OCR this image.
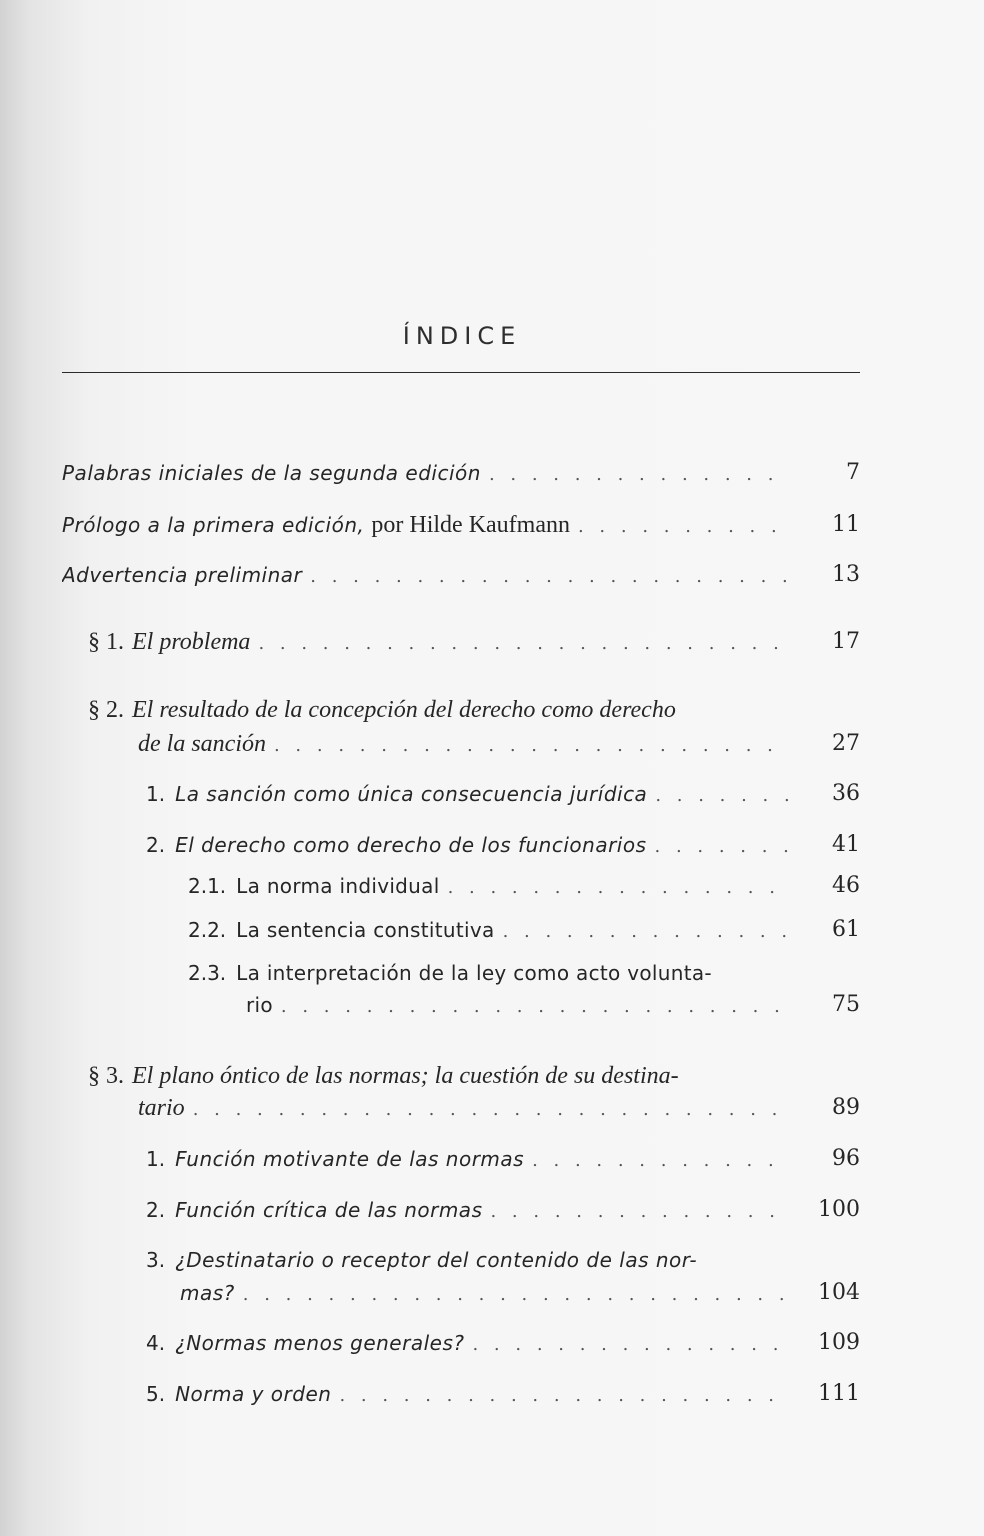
ÍNDICE
Palabras iniciales de la segunda edición . . .	7
Prólogo a la primera edición, por Hilde Kaufmann . . .	11
Advertencia preliminar . . .	13
§ 1. El problema . . .	17
§ 2. El resultado de la concepción del derecho como derecho
de la sanción . . .	27
1. La sanción como única consecuencia jurídica . . .	36
2. El derecho como derecho de los funcionarios . . .	41
2.1. La norma individual . . .	46
2.2. La sentencia constitutiva . . .	61
2.3. La interpretación de la ley como acto volunta-
rio . . .	75
§ 3. El plano óntico de las normas; la cuestión de su destina-
tario . . .	89
1. Función motivante de las normas . . .	96
2. Función crítica de las normas . . .	100
3. ¿Destinatario o receptor del contenido de las nor-
mas? . . .	104
4. ¿Normas menos generales? . . .	109
5. Norma y orden . . .	111
